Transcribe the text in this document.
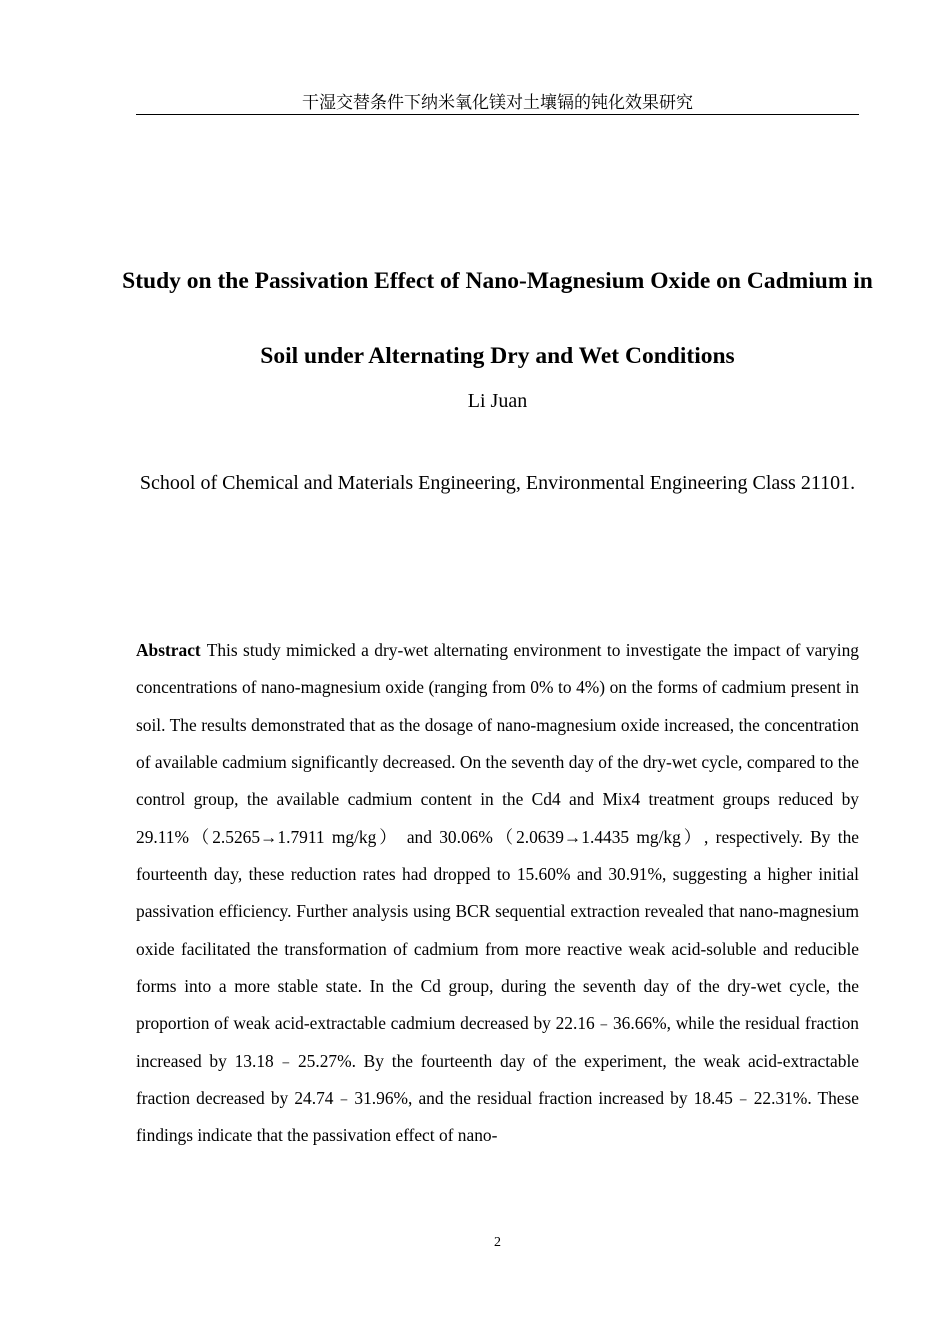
干湿交替条件下纳米氧化镁对土壤镉的钝化效果研究
Study on the Passivation Effect of Nano-Magnesium Oxide on Cadmium in Soil under Alternating Dry and Wet Conditions
Li Juan
School of Chemical and Materials Engineering, Environmental Engineering Class 21101.

Abstract This study mimicked a dry-wet alternating environment to investigate the impact of varying concentrations of nano-magnesium oxide (ranging from 0% to 4%) on the forms of cadmium present in soil. The results demonstrated that as the dosage of nano-magnesium oxide increased, the concentration of available cadmium significantly decreased. On the seventh day of the dry-wet cycle, compared to the control group, the available cadmium content in the Cd4 and Mix4 treatment groups reduced by 29.11%（2.5265→1.7911 mg/kg） and 30.06%（2.0639→1.4435 mg/kg）, respectively. By the fourteenth day, these reduction rates had dropped to 15.60% and 30.91%, suggesting a higher initial passivation efficiency. Further analysis using BCR sequential extraction revealed that nano-magnesium oxide facilitated the transformation of cadmium from more reactive weak acid-soluble and reducible forms into a more stable state. In the Cd group, during the seventh day of the dry-wet cycle, the proportion of weak acid-extractable cadmium decreased by 22.16﹣36.66%, while the residual fraction increased by 13.18﹣25.27%. By the fourteenth day of the experiment, the weak acid-extractable fraction decreased by 24.74﹣31.96%, and the residual fraction increased by 18.45﹣22.31%. These findings indicate that the passivation effect of nano-

2
